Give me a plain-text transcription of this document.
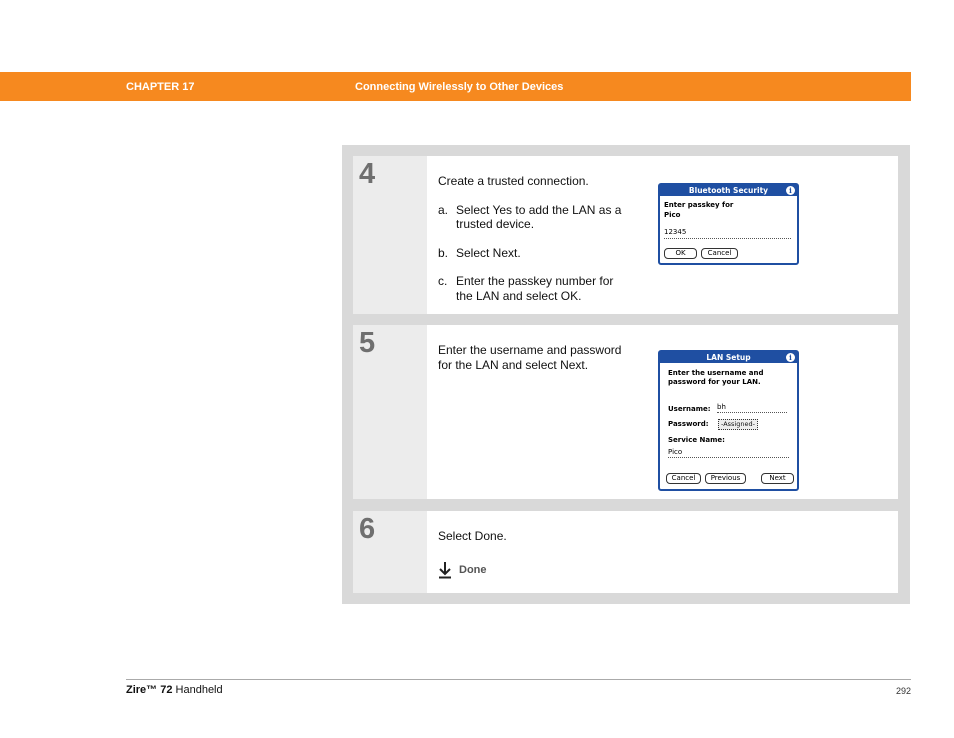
CHAPTER 17	Connecting Wirelessly to Other Devices
4	Create a trusted connection.

a. Select Yes to add the LAN as a trusted device.
b. Select Next.
c. Enter the passkey number for the LAN and select OK.
Bluetooth Security	i
Enter passkey for
Pico
12345
OK	Cancel
5	Enter the username and password for the LAN and select Next.	LAN Setup	i
Enter the username and password for your LAN.
Username: bh
Password:	-Assigned-
Service Name:
Pico
Cancel	Previous	Next
6	Select Done.

Done
Zire™ 72 Handheld	292
